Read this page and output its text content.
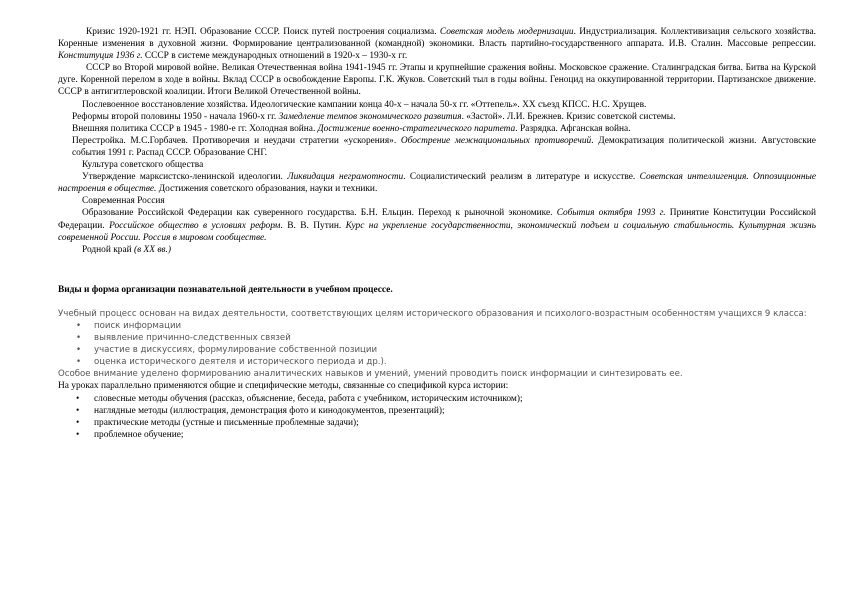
Кризис 1920-1921 гг. НЭП. Образование СССР. Поиск путей построения социализма. Советская модель модернизации. Индустриализация. Коллективизация сельского хозяйства. Коренные изменения в духовной жизни. Формирование централизованной (командной) экономики. Власть партийно-государственного аппарата. И.В. Сталин. Массовые репрессии. Конституция 1936 г. СССР в системе международных отношений в 1920-х – 1930-х гг.

СССР во Второй мировой войне. Великая Отечественная война 1941-1945 гг. Этапы и крупнейшие сражения войны. Московское сражение. Сталинградская битва. Битва на Курской дуге. Коренной перелом в ходе в войны. Вклад СССР в освобождение Европы. Г.К. Жуков. Советский тыл в годы войны. Геноцид на оккупированной территории. Партизанское движение. СССР в антигитлеровской коалиции. Итоги Великой Отечественной войны.

Послевоенное восстановление хозяйства. Идеологические кампании конца 40-х – начала 50-х гг. «Оттепель». XX съезд КПСС. Н.С. Хрущев.

Реформы второй половины 1950 - начала 1960-х гг. Замедление темпов экономического развития. «Застой». Л.И. Брежнев. Кризис советской системы.

Внешняя политика СССР в 1945 - 1980-е гг. Холодная война. Достижение военно-стратегического паритета. Разрядка. Афганская война.

Перестройка. М.С.Горбачев. Противоречия и неудачи стратегии «ускорения». Обострение межнациональных противоречий. Демократизация политической жизни. Августовские события 1991 г. Распад СССР. Образование СНГ.

Культура советского общества

Утверждение марксистско-ленинской идеологии. Ликвидация неграмотности. Социалистический реализм в литературе и искусстве. Советская интеллигенция. Оппозиционные настроения в обществе. Достижения советского образования, науки и техники.

Современная Россия

Образование Российской Федерации как суверенного государства. Б.Н. Ельцин. Переход к рыночной экономике. События октября 1993 г. Принятие Конституции Российской Федерации. Российское общество в условиях реформ. В. В. Путин. Курс на укрепление государственности, экономический подъем и социальную стабильность. Культурная жизнь современной России. Россия в мировом сообществе.

Родной край (в XX вв.)

Виды и форма организации познавательной деятельности в учебном процессе.

Учебный процесс основан на видах деятельности, соответствующих целям исторического образования и психолого-возрастным особенностям учащихся 9 класса:

• поиск информации
• выявление причинно-следственных связей
• участие в дискуссиях, формулирование собственной позиции
• оценка исторического деятеля и исторического периода и др.).

Особое внимание уделено формированию аналитических навыков и умений, умений проводить поиск информации и синтезировать ее.

На уроках параллельно применяются общие и специфические методы, связанные со спецификой курса истории:

• словесные методы обучения (рассказ, объяснение, беседа, работа с учебником, историческим источником);
• наглядные методы (иллюстрация, демонстрация фото и кинодокументов, презентаций);
• практические методы (устные и письменные проблемные задачи);
• проблемное обучение;
